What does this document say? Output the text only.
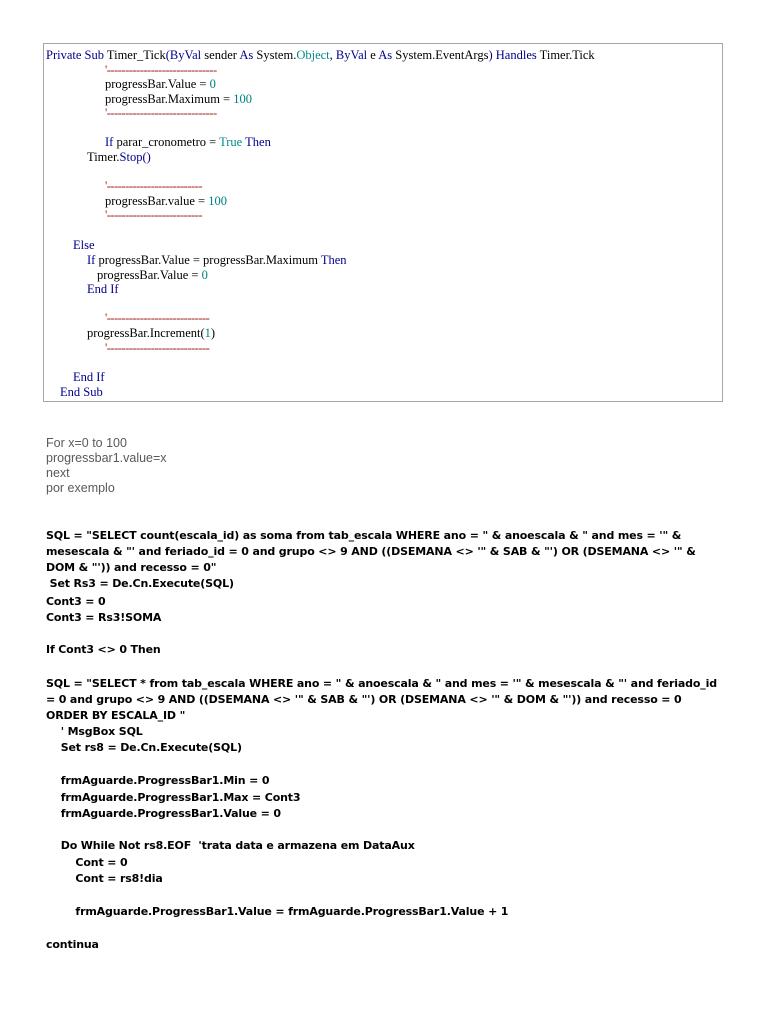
Private Sub Timer_Tick(ByVal sender As System.Object, ByVal e As System.EventArgs) Handles Timer.Tick
'------------------------------
progressBar.Value = 0
progressBar.Maximum = 100
'------------------------------
If parar_cronometro = True Then
Timer.Stop()
'--------------------------
progressBar.value = 100
'--------------------------
Else
If progressBar.Value = progressBar.Maximum Then
progressBar.Value = 0
End If
'----------------------------
progressBar.Increment(1)
'----------------------------
End If
End Sub
For x=0 to 100
progressbar1.value=x
next
por exemplo
SQL = "SELECT count(escala_id) as soma from tab_escala WHERE ano = " & anoescala & " and mes = '" & mesescala & "' and feriado_id = 0 and grupo <> 9 AND ((DSEMANA <> '" & SAB & "') OR (DSEMANA <> '" & DOM & "')) and recesso = 0"
Set Rs3 = De.Cn.Execute(SQL)
Cont3 = 0
Cont3 = Rs3!SOMA
If Cont3 <> 0 Then
SQL = "SELECT * from tab_escala WHERE ano = " & anoescala & " and mes = '" & mesescala & "' and feriado_id = 0 and grupo <> 9 AND ((DSEMANA <> '" & SAB & "') OR (DSEMANA <> '" & DOM & "')) and recesso = 0 ORDER BY ESCALA_ID "
' MsgBox SQL
Set rs8 = De.Cn.Execute(SQL)
frmAguarde.ProgressBar1.Min = 0
frmAguarde.ProgressBar1.Max = Cont3
frmAguarde.ProgressBar1.Value = 0
Do While Not rs8.EOF  'trata data e armazena em DataAux
Cont = 0
Cont = rs8!dia
frmAguarde.ProgressBar1.Value = frmAguarde.ProgressBar1.Value + 1
continua
